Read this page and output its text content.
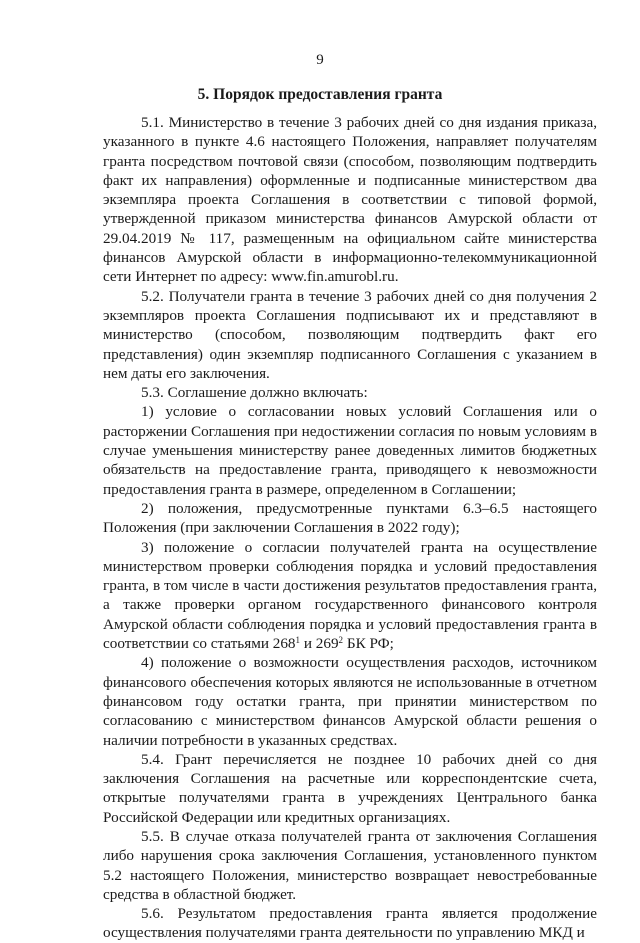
9
5. Порядок предоставления гранта

5.1. Министерство в течение 3 рабочих дней со дня издания приказа, указанного в пункте 4.6 настоящего Положения, направляет получателям гранта посредством почтовой связи (способом, позволяющим подтвердить факт их направления) оформленные и подписанные министерством два экземпляра проекта Соглашения в соответствии с типовой формой, утвержденной приказом министерства финансов Амурской области от 29.04.2019 № 117, размещенным на официальном сайте министерства финансов Амурской области в информационно-телекоммуникационной сети Интернет по адресу: www.fin.amurobl.ru.

5.2. Получатели гранта в течение 3 рабочих дней со дня получения 2 экземпляров проекта Соглашения подписывают их и представляют в министерство (способом, позволяющим подтвердить факт его представления) один экземпляр подписанного Соглашения с указанием в нем даты его заключения.

5.3. Соглашение должно включать:

1) условие о согласовании новых условий Соглашения или о расторжении Соглашения при недостижении согласия по новым условиям в случае уменьшения министерству ранее доведенных лимитов бюджетных обязательств на предоставление гранта, приводящего к невозможности предоставления гранта в размере, определенном в Соглашении;

2) положения, предусмотренные пунктами 6.3–6.5 настоящего Положения (при заключении Соглашения в 2022 году);

3) положение о согласии получателей гранта на осуществление министерством проверки соблюдения порядка и условий предоставления гранта, в том числе в части достижения результатов предоставления гранта, а также проверки органом государственного финансового контроля Амурской области соблюдения порядка и условий предоставления гранта в соответствии со статьями $268^1$ и $269^2$ БК РФ;

4) положение о возможности осуществления расходов, источником финансового обеспечения которых являются не использованные в отчетном финансовом году остатки гранта, при принятии министерством по согласованию с министерством финансов Амурской области решения о наличии потребности в указанных средствах.

5.4. Грант перечисляется не позднее 10 рабочих дней со дня заключения Соглашения на расчетные или корреспондентские счета, открытые получателями гранта в учреждениях Центрального банка Российской Федерации или кредитных организациях.

5.5. В случае отказа получателей гранта от заключения Соглашения либо нарушения срока заключения Соглашения, установленного пунктом 5.2 настоящего Положения, министерство возвращает невостребованные средства в областной бюджет.

5.6. Результатом предоставления гранта является продолжение осуществления получателями гранта деятельности по управлению МКД и
